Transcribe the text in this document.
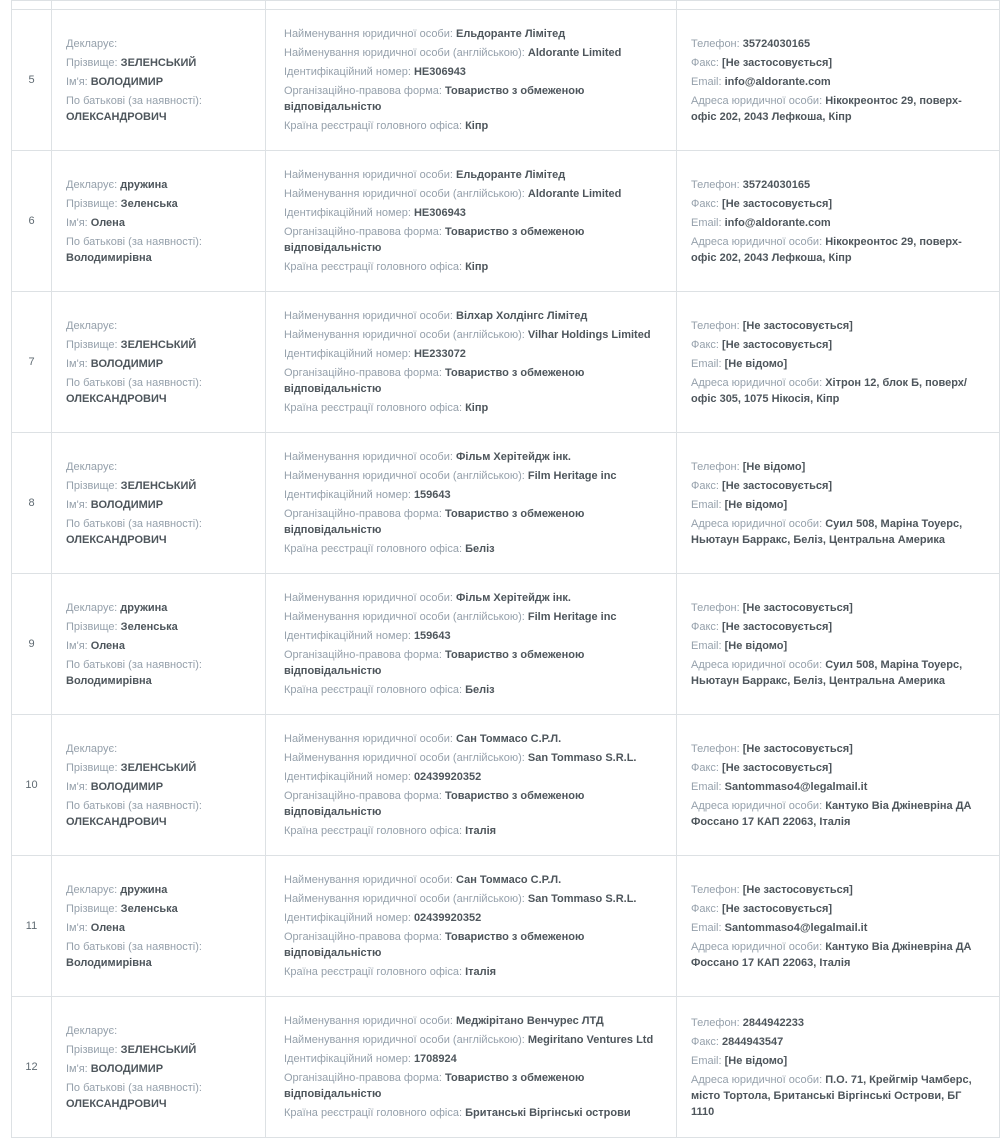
5	
Декларує:
Прізвище: ЗЕЛЕНСЬКИЙ
Ім'я: ВОЛОДИМИР
По батькові (за наявності): ОЛЕКСАНДРОВИЧ

Найменування юридичної особи: Ельдоранте Лімітед
Найменування юридичної особи (англійською): Aldorante Limited
Ідентифікаційний номер: HE306943
Організаційно-правова форма: Товариство з обмеженою відповідальністю
Країна реєстрації головного офіса: Кіпр

Телефон: 35724030165
Факс: [Не застосовується]
Email: info@aldorante.com
Адреса юридичної особи: Нікокреонтос 29, поверх-офіс 202, 2043 Лефкоша, Кіпр

6	
Декларує: дружина
Прізвище: Зеленська
Ім'я: Олена
По батькові (за наявності): Володимирівна

Найменування юридичної особи: Ельдоранте Лімітед
Найменування юридичної особи (англійською): Aldorante Limited
Ідентифікаційний номер: HE306943
Організаційно-правова форма: Товариство з обмеженою відповідальністю
Країна реєстрації головного офіса: Кіпр

Телефон: 35724030165
Факс: [Не застосовується]
Email: info@aldorante.com
Адреса юридичної особи: Нікокреонтос 29, поверх-офіс 202, 2043 Лефкоша, Кіпр

7	
Декларує:
Прізвище: ЗЕЛЕНСЬКИЙ
Ім'я: ВОЛОДИМИР
По батькові (за наявності): ОЛЕКСАНДРОВИЧ

Найменування юридичної особи: Вілхар Холдінгс Лімітед
Найменування юридичної особи (англійською): Vilhar Holdings Limited
Ідентифікаційний номер: HE233072
Організаційно-правова форма: Товариство з обмеженою відповідальністю
Країна реєстрації головного офіса: Кіпр

Телефон: [Не застосовується]
Факс: [Не застосовується]
Email: [Не відомо]
Адреса юридичної особи: Хітрон 12, блок Б, поверх/офіс 305, 1075 Нікосія, Кіпр

8	
Декларує:
Прізвище: ЗЕЛЕНСЬКИЙ
Ім'я: ВОЛОДИМИР
По батькові (за наявності): ОЛЕКСАНДРОВИЧ

Найменування юридичної особи: Фільм Херітейдж інк.
Найменування юридичної особи (англійською): Film Heritage inc
Ідентифікаційний номер: 159643
Організаційно-правова форма: Товариство з обмеженою відповідальністю
Країна реєстрації головного офіса: Беліз

Телефон: [Не відомо]
Факс: [Не застосовується]
Email: [Не відомо]
Адреса юридичної особи: Суил 508, Маріна Тоуерс, Ньютаун Барракс, Беліз, Центральна Америка

9	
Декларує: дружина
Прізвище: Зеленська
Ім'я: Олена
По батькові (за наявності): Володимирівна

Найменування юридичної особи: Фільм Херітейдж інк.
Найменування юридичної особи (англійською): Film Heritage inc
Ідентифікаційний номер: 159643
Організаційно-правова форма: Товариство з обмеженою відповідальністю
Країна реєстрації головного офіса: Беліз

Телефон: [Не застосовується]
Факс: [Не застосовується]
Email: [Не відомо]
Адреса юридичної особи: Суил 508, Маріна Тоуерс, Ньютаун Барракс, Беліз, Центральна Америка

10	
Декларує:
Прізвище: ЗЕЛЕНСЬКИЙ
Ім'я: ВОЛОДИМИР
По батькові (за наявності): ОЛЕКСАНДРОВИЧ

Найменування юридичної особи: Сан Томмасо С.Р.Л.
Найменування юридичної особи (англійською): San Tommaso S.R.L.
Ідентифікаційний номер: 02439920352
Організаційно-правова форма: Товариство з обмеженою відповідальністю
Країна реєстрації головного офіса: Італія

Телефон: [Не застосовується]
Факс: [Не застосовується]
Email: Santommaso4@legalmail.it
Адреса юридичної особи: Кантуко Віа Джіневріна ДА Фоссано 17 КАП 22063, Італія

11	
Декларує: дружина
Прізвище: Зеленська
Ім'я: Олена
По батькові (за наявності): Володимирівна

Найменування юридичної особи: Сан Томмасо С.Р.Л.
Найменування юридичної особи (англійською): San Tommaso S.R.L.
Ідентифікаційний номер: 02439920352
Організаційно-правова форма: Товариство з обмеженою відповідальністю
Країна реєстрації головного офіса: Італія

Телефон: [Не застосовується]
Факс: [Не застосовується]
Email: Santommaso4@legalmail.it
Адреса юридичної особи: Кантуко Віа Джіневріна ДА Фоссано 17 КАП 22063, Італія

12	
Декларує:
Прізвище: ЗЕЛЕНСЬКИЙ
Ім'я: ВОЛОДИМИР
По батькові (за наявності): ОЛЕКСАНДРОВИЧ

Найменування юридичної особи: Меджірітано Венчурес ЛТД
Найменування юридичної особи (англійською): Megiritano Ventures Ltd
Ідентифікаційний номер: 1708924
Організаційно-правова форма: Товариство з обмеженою відповідальністю
Країна реєстрації головного офіса: Британські Віргінські острови

Телефон: 2844942233
Факс: 2844943547
Email: [Не відомо]
Адреса юридичної особи: П.О. 71, Крейгмір Чамберс, місто Тортола, Британські Віргінські Острови, БГ 1110
